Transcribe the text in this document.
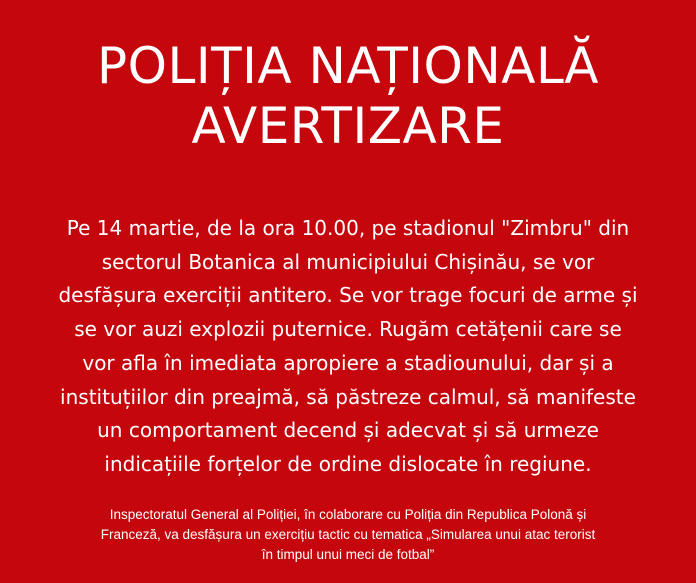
POLIȚIA NAȚIONALĂ
AVERTIZARE

Pe 14 martie, de la ora 10.00, pe stadionul "Zimbru" din
sectorul Botanica al municipiului Chișinău, se vor
desfășura exerciții antitero. Se vor trage focuri de arme și
se vor auzi explozii puternice. Rugăm cetățenii care se
vor afla în imediata apropiere a stadiounului, dar și a
instituțiilor din preajmă, să păstreze calmul, să manifeste
un comportament decend și adecvat și să urmeze
indicațiile forțelor de ordine dislocate în regiune.

Inspectoratul General al Poliției, în colaborare cu Poliția din Republica Polonă și
Franceză, va desfășura un exercițiu tactic cu tematica „Simularea unui atac terorist
în timpul unui meci de fotbal”
